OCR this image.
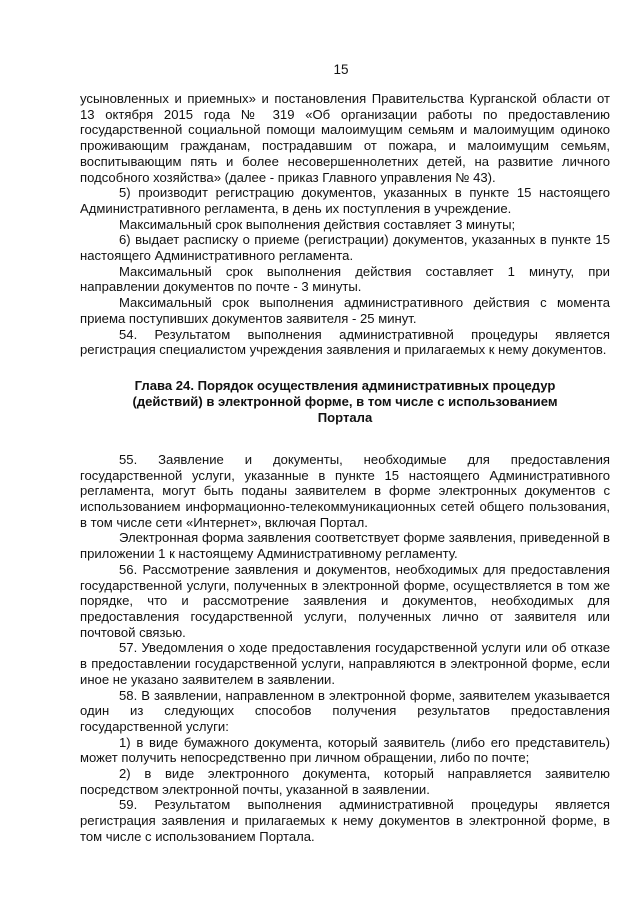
15

усыновленных и приемных» и постановления Правительства Курганской области от 13 октября 2015 года № 319 «Об организации работы по предоставлению государственной социальной помощи малоимущим семьям и малоимущим одиноко проживающим гражданам, пострадавшим от пожара, и малоимущим семьям, воспитывающим пять и более несовершеннолетних детей, на развитие личного подсобного хозяйства» (далее - приказ Главного управления № 43).

5) производит регистрацию документов, указанных в пункте 15 настоящего Административного регламента, в день их поступления в учреждение.

Максимальный срок выполнения действия составляет 3 минуты;

6) выдает расписку о приеме (регистрации) документов, указанных в пункте 15 настоящего Административного регламента.

Максимальный срок выполнения действия составляет 1 минуту, при направлении документов по почте - 3 минуты.

Максимальный срок выполнения административного действия с момента приема поступивших документов заявителя - 25 минут.

54. Результатом выполнения административной процедуры является регистрация специалистом учреждения заявления и прилагаемых к нему документов.

Глава 24. Порядок осуществления административных процедур (действий) в электронной форме, в том числе с использованием Портала

55. Заявление и документы, необходимые для предоставления государственной услуги, указанные в пункте 15 настоящего Административного регламента, могут быть поданы заявителем в форме электронных документов с использованием информационно-телекоммуникационных сетей общего пользования, в том числе сети «Интернет», включая Портал.

Электронная форма заявления соответствует форме заявления, приведенной в приложении 1 к настоящему Административному регламенту.

56. Рассмотрение заявления и документов, необходимых для предоставления государственной услуги, полученных в электронной форме, осуществляется в том же порядке, что и рассмотрение заявления и документов, необходимых для предоставления государственной услуги, полученных лично от заявителя или почтовой связью.

57. Уведомления о ходе предоставления государственной услуги или об отказе в предоставлении государственной услуги, направляются в электронной форме, если иное не указано заявителем в заявлении.

58. В заявлении, направленном в электронной форме, заявителем указывается один из следующих способов получения результатов предоставления государственной услуги:

1) в виде бумажного документа, который заявитель (либо его представитель) может получить непосредственно при личном обращении, либо по почте;

2) в виде электронного документа, который направляется заявителю посредством электронной почты, указанной в заявлении.

59. Результатом выполнения административной процедуры является регистрация заявления и прилагаемых к нему документов в электронной форме, в том числе с использованием Портала.
